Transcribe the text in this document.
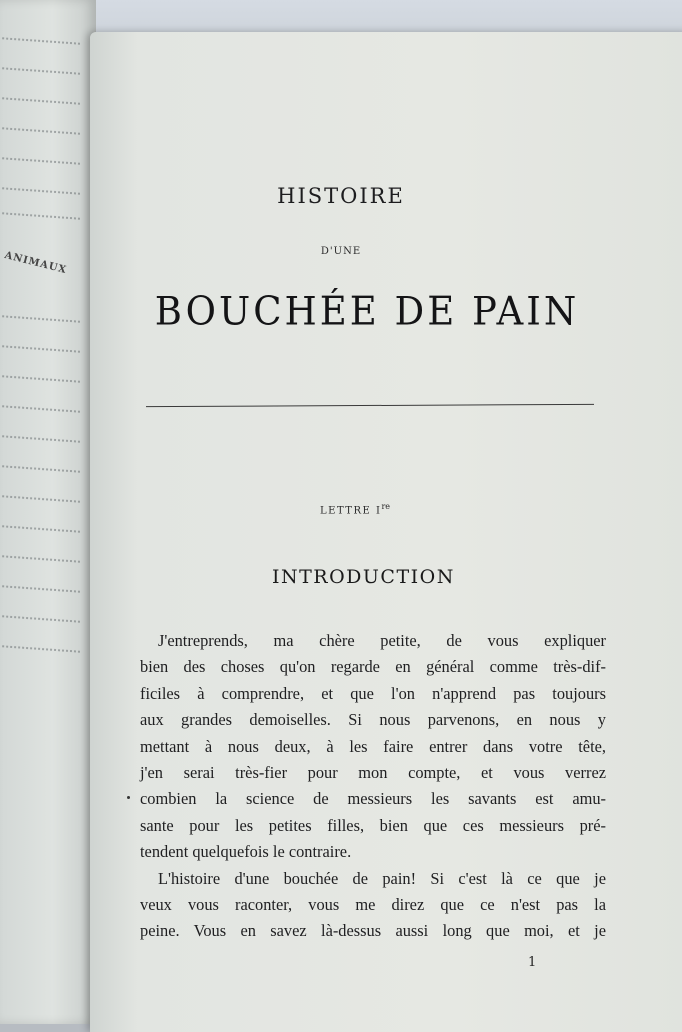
ANIMAUX
HISTOIRE
D'UNE
BOUCHÉE DE PAIN
LETTRE Ire
INTRODUCTION
J'entreprends, ma chère petite, de vous expliquer
bien des choses qu'on regarde en général comme très-dif-
ficiles à comprendre, et que l'on n'apprend pas toujours
aux grandes demoiselles. Si nous parvenons, en nous y
mettant à nous deux, à les faire entrer dans votre tête,
j'en serai très-fier pour mon compte, et vous verrez
combien la science de messieurs les savants est amu-
sante pour les petites filles, bien que ces messieurs pré-
tendent quelquefois le contraire.
L'histoire d'une bouchée de pain! Si c'est là ce que je
veux vous raconter, vous me direz que ce n'est pas la
peine. Vous en savez là-dessus aussi long que moi, et je
1
